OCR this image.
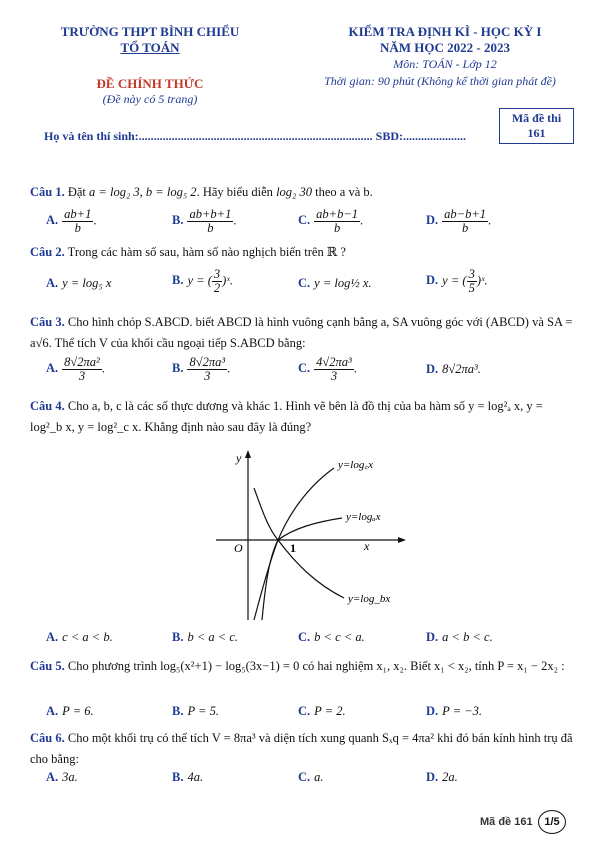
TRƯỜNG THPT BÌNH CHIỂU
TỔ TOÁN
ĐỀ CHÍNH THỨC
(Đề này có 5 trang)
KIỂM TRA ĐỊNH KÌ - HỌC KỲ I
NĂM HỌC 2022 - 2023
Môn: TOÁN - Lớp 12
Thời gian: 90 phút (Không kể thời gian phát đề)
Họ và tên thí sinh:.............................................................................. SBD:.....................
Mã đề thi
161
Câu 1. Đặt a = log₂ 3, b = log₅ 2. Hãy biểu diễn log₂ 30 theo a và b.
A. $\frac{ab+1}{b}$ .	B. $\frac{ab+b+1}{b}$ .	C. $\frac{ab+b-1}{b}$ .	D. $\frac{ab-b+1}{b}$ .
Câu 2. Trong các hàm số sau, hàm số nào nghịch biến trên ℝ ?
A. y = log₅ x	B. y = ( $\frac{3}{2}$ )ˣ.	C. y = log½ x.	D. y = ( $\frac{3}{5}$ )ˣ.
Câu 3. Cho hình chóp S.ABCD. biết ABCD là hình vuông cạnh bằng a, SA vuông góc với (ABCD) và SA = a√6. Thể tích V của khối cầu ngoại tiếp S.ABCD bằng:
A. $\frac{\text{8√2πa²}}{3}$ .	B. $\frac{\text{8√2πa³}}{3}$ .	C. $\frac{\text{4√2πa³}}{3}$ .	D. 8√2πa³.
Câu 4. Cho a, b, c là các số thực dương và khác 1. Hình vẽ bên là đồ thị của ba hàm số y = log²ₐ x, y = log²_b x, y = log²_c x. Khẳng định nào sau đây là đúng?
y
x
O	1
y=log꜀x
y=logₐx
y=log_bx
A. c < a < b.	B. b < a < c.	C. b < c < a.	D. a < b < c.
Câu 5. Cho phương trình log₅(x²+1) − log₅(3x−1) = 0 có hai nghiệm x₁, x₂. Biết x₁ < x₂, tính P = x₁ − 2x₂ :
A. P = 6.	B. P = 5.	C. P = 2.	D. P = −3.
Câu 6. Cho một khối trụ có thể tích V = 8πa³ và diện tích xung quanh Sₓq = 4πa² khi đó bán kính hình trụ đã cho bằng:
A. 3a.	B. 4a.	C. a.	D. 2a.
Mã đề 161	1/5
